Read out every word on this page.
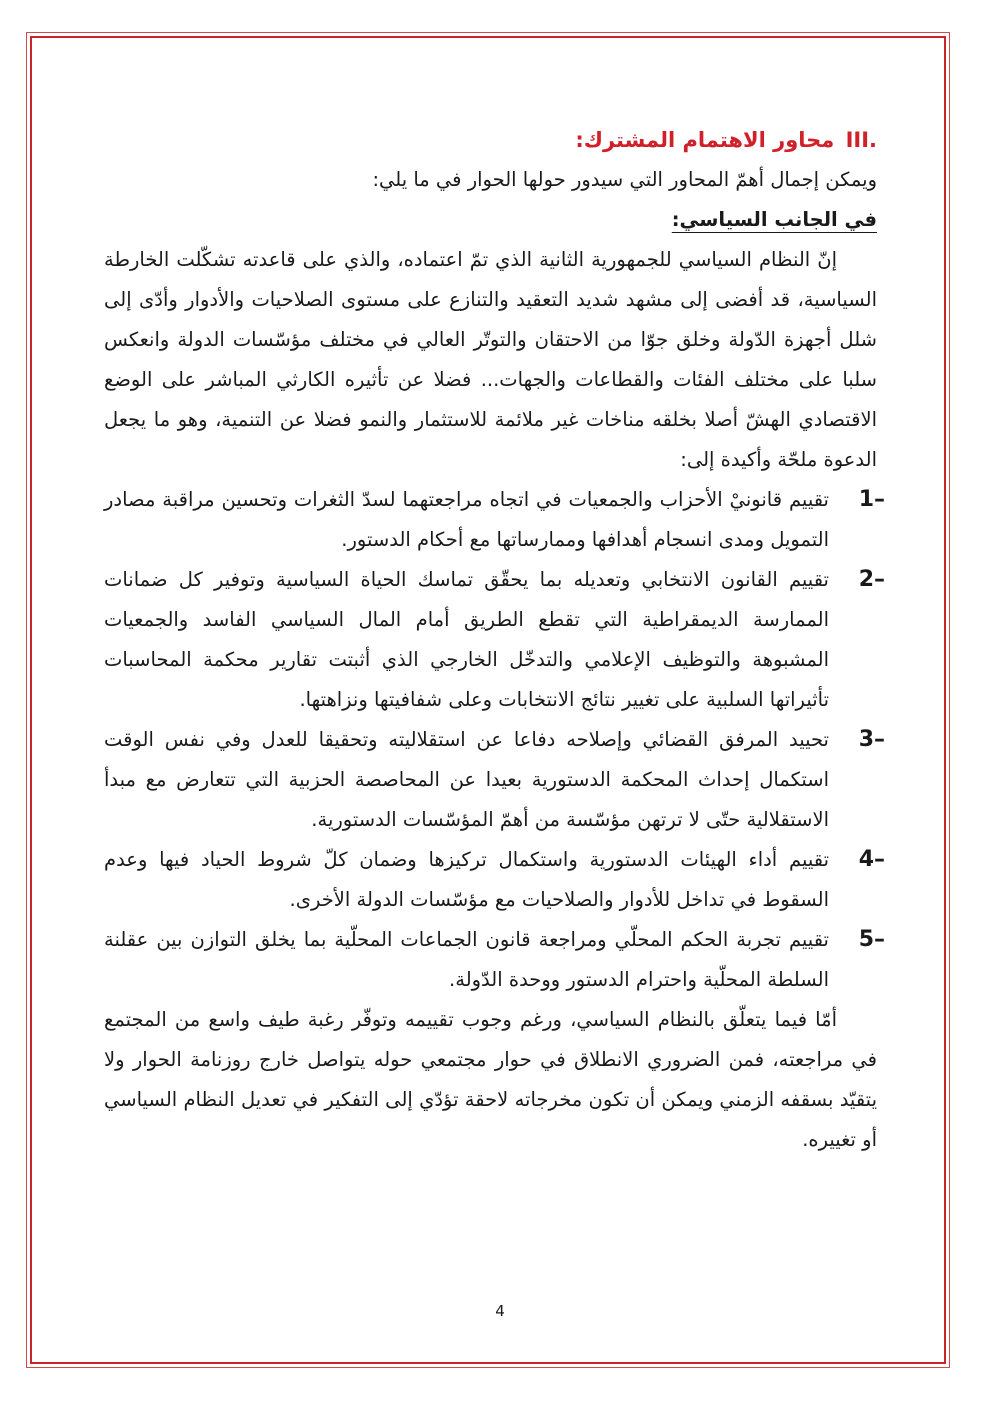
III. محاور الاهتمام المشترك:

ويمكن إجمال أهمّ المحاور التي سيدور حولها الحوار في ما يلي:

في الجانب السياسي:

إنّ النظام السياسي للجمهورية الثانية الذي تمّ اعتماده، والذي على قاعدته تشكّلت الخارطة السياسية، قد أفضى إلى مشهد شديد التعقيد والتنازع على مستوى الصلاحيات والأدوار وأدّى إلى شلل أجهزة الدّولة وخلق جوّا من الاحتقان والتوتّر العالي في مختلف مؤسّسات الدولة وانعكس سلبا على مختلف الفئات والقطاعات والجهات... فضلا عن تأثيره الكارثي المباشر على الوضع الاقتصادي الهشّ أصلا بخلقه مناخات غير ملائمة للاستثمار والنمو فضلا عن التنمية، وهو ما يجعل الدعوة ملحّة وأكيدة إلى:

1–
تقييم قانونيْ الأحزاب والجمعيات في اتجاه مراجعتهما لسدّ الثغرات وتحسين مراقبة مصادر التمويل ومدى انسجام أهدافها وممارساتها مع أحكام الدستور.
2–
تقييم القانون الانتخابي وتعديله بما يحقّق تماسك الحياة السياسية وتوفير كل ضمانات الممارسة الديمقراطية التي تقطع الطريق أمام المال السياسي الفاسد والجمعيات المشبوهة والتوظيف الإعلامي والتدخّل الخارجي الذي أثبتت تقارير محكمة المحاسبات تأثيراتها السلبية على تغيير نتائج الانتخابات وعلى شفافيتها ونزاهتها.
3–
تحييد المرفق القضائي وإصلاحه دفاعا عن استقلاليته وتحقيقا للعدل وفي نفس الوقت استكمال إحداث المحكمة الدستورية بعيدا عن المحاصصة الحزبية التي تتعارض مع مبدأ الاستقلالية حتّى لا ترتهن مؤسّسة من أهمّ المؤسّسات الدستورية.
4–
تقييم أداء الهيئات الدستورية واستكمال تركيزها وضمان كلّ شروط الحياد فيها وعدم السقوط في تداخل للأدوار والصلاحيات مع مؤسّسات الدولة الأخرى.
5–
تقييم تجربة الحكم المحلّي ومراجعة قانون الجماعات المحلّية بما يخلق التوازن بين عقلنة السلطة المحلّية واحترام الدستور ووحدة الدّولة.

أمّا فيما يتعلّق بالنظام السياسي، ورغم وجوب تقييمه وتوفّر رغبة طيف واسع من المجتمع في مراجعته، فمن الضروري الانطلاق في حوار مجتمعي حوله يتواصل خارج روزنامة الحوار ولا يتقيّد بسقفه الزمني ويمكن أن تكون مخرجاته لاحقة تؤدّي إلى التفكير في تعديل النظام السياسي أو تغييره.

4
